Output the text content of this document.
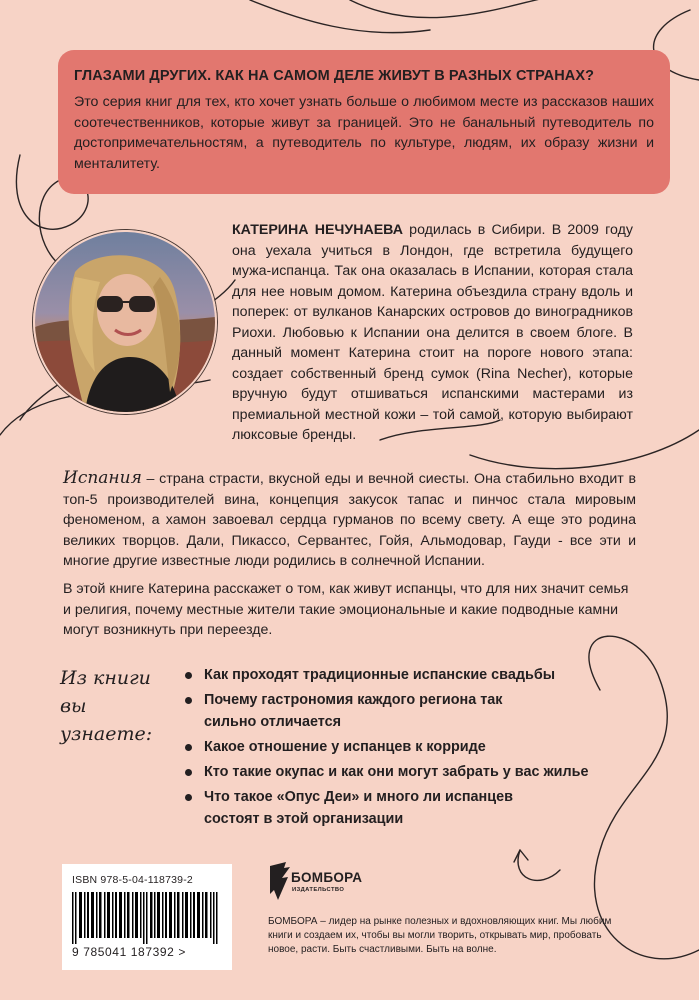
ГЛАЗАМИ ДРУГИХ. КАК НА САМОМ ДЕЛЕ ЖИВУТ В РАЗНЫХ СТРАНАХ?
Это серия книг для тех, кто хочет узнать больше о любимом месте из рассказов наших соотечественников, которые живут за границей. Это не банальный путеводитель по достопримечательностям, а путеводитель по культуре, людям, их образу жизни и менталитету.
КАТЕРИНА НЕЧУНАЕВА родилась в Сибири. В 2009 году она уехала учиться в Лондон, где встретила будущего мужа-испанца. Так она оказалась в Испании, которая стала для нее новым домом. Катерина объездила страну вдоль и поперек: от вулканов Канарских островов до виноградников Риохи. Любовью к Испании она делится в своем блоге. В данный момент Катерина стоит на пороге нового этапа: создает собственный бренд сумок (Rina Necher), которые вручную будут отшиваться испанскими мастерами из премиальной местной кожи – той самой, которую выбирают люксовые бренды.
Испания – страна страсти, вкусной еды и вечной сиесты. Она стабильно входит в топ-5 производителей вина, концепция закусок тапас и пинчос стала мировым феноменом, а хамон завоевал сердца гурманов по всему свету. А еще это родина великих творцов. Дали, Пикассо, Сервантес, Гойя, Альмодовар, Гауди - все эти и многие другие известные люди родились в солнечной Испании.
В этой книге Катерина расскажет о том, как живут испанцы, что для них значит семья и религия, почему местные жители такие эмоциональные и какие подводные камни могут возникнуть при переезде.
Из книги
вы узнаете:
Как проходят традиционные испанские свадьбы
Почему гастрономия каждого региона так сильно отличается
Какое отношение у испанцев к корриде
Кто такие окупас и как они могут забрать у вас жилье
Что такое «Опус Деи» и много ли испанцев состоят в этой организации
ISBN 978-5-04-118739-2
9 785041 187392 >
БОМБОРА
ИЗДАТЕЛЬСТВО
БОМБОРА – лидер на рынке полезных и вдохновляющих книг. Мы любим книги и создаем их, чтобы вы могли творить, открывать мир, пробовать новое, расти. Быть счастливыми. Быть на волне.
